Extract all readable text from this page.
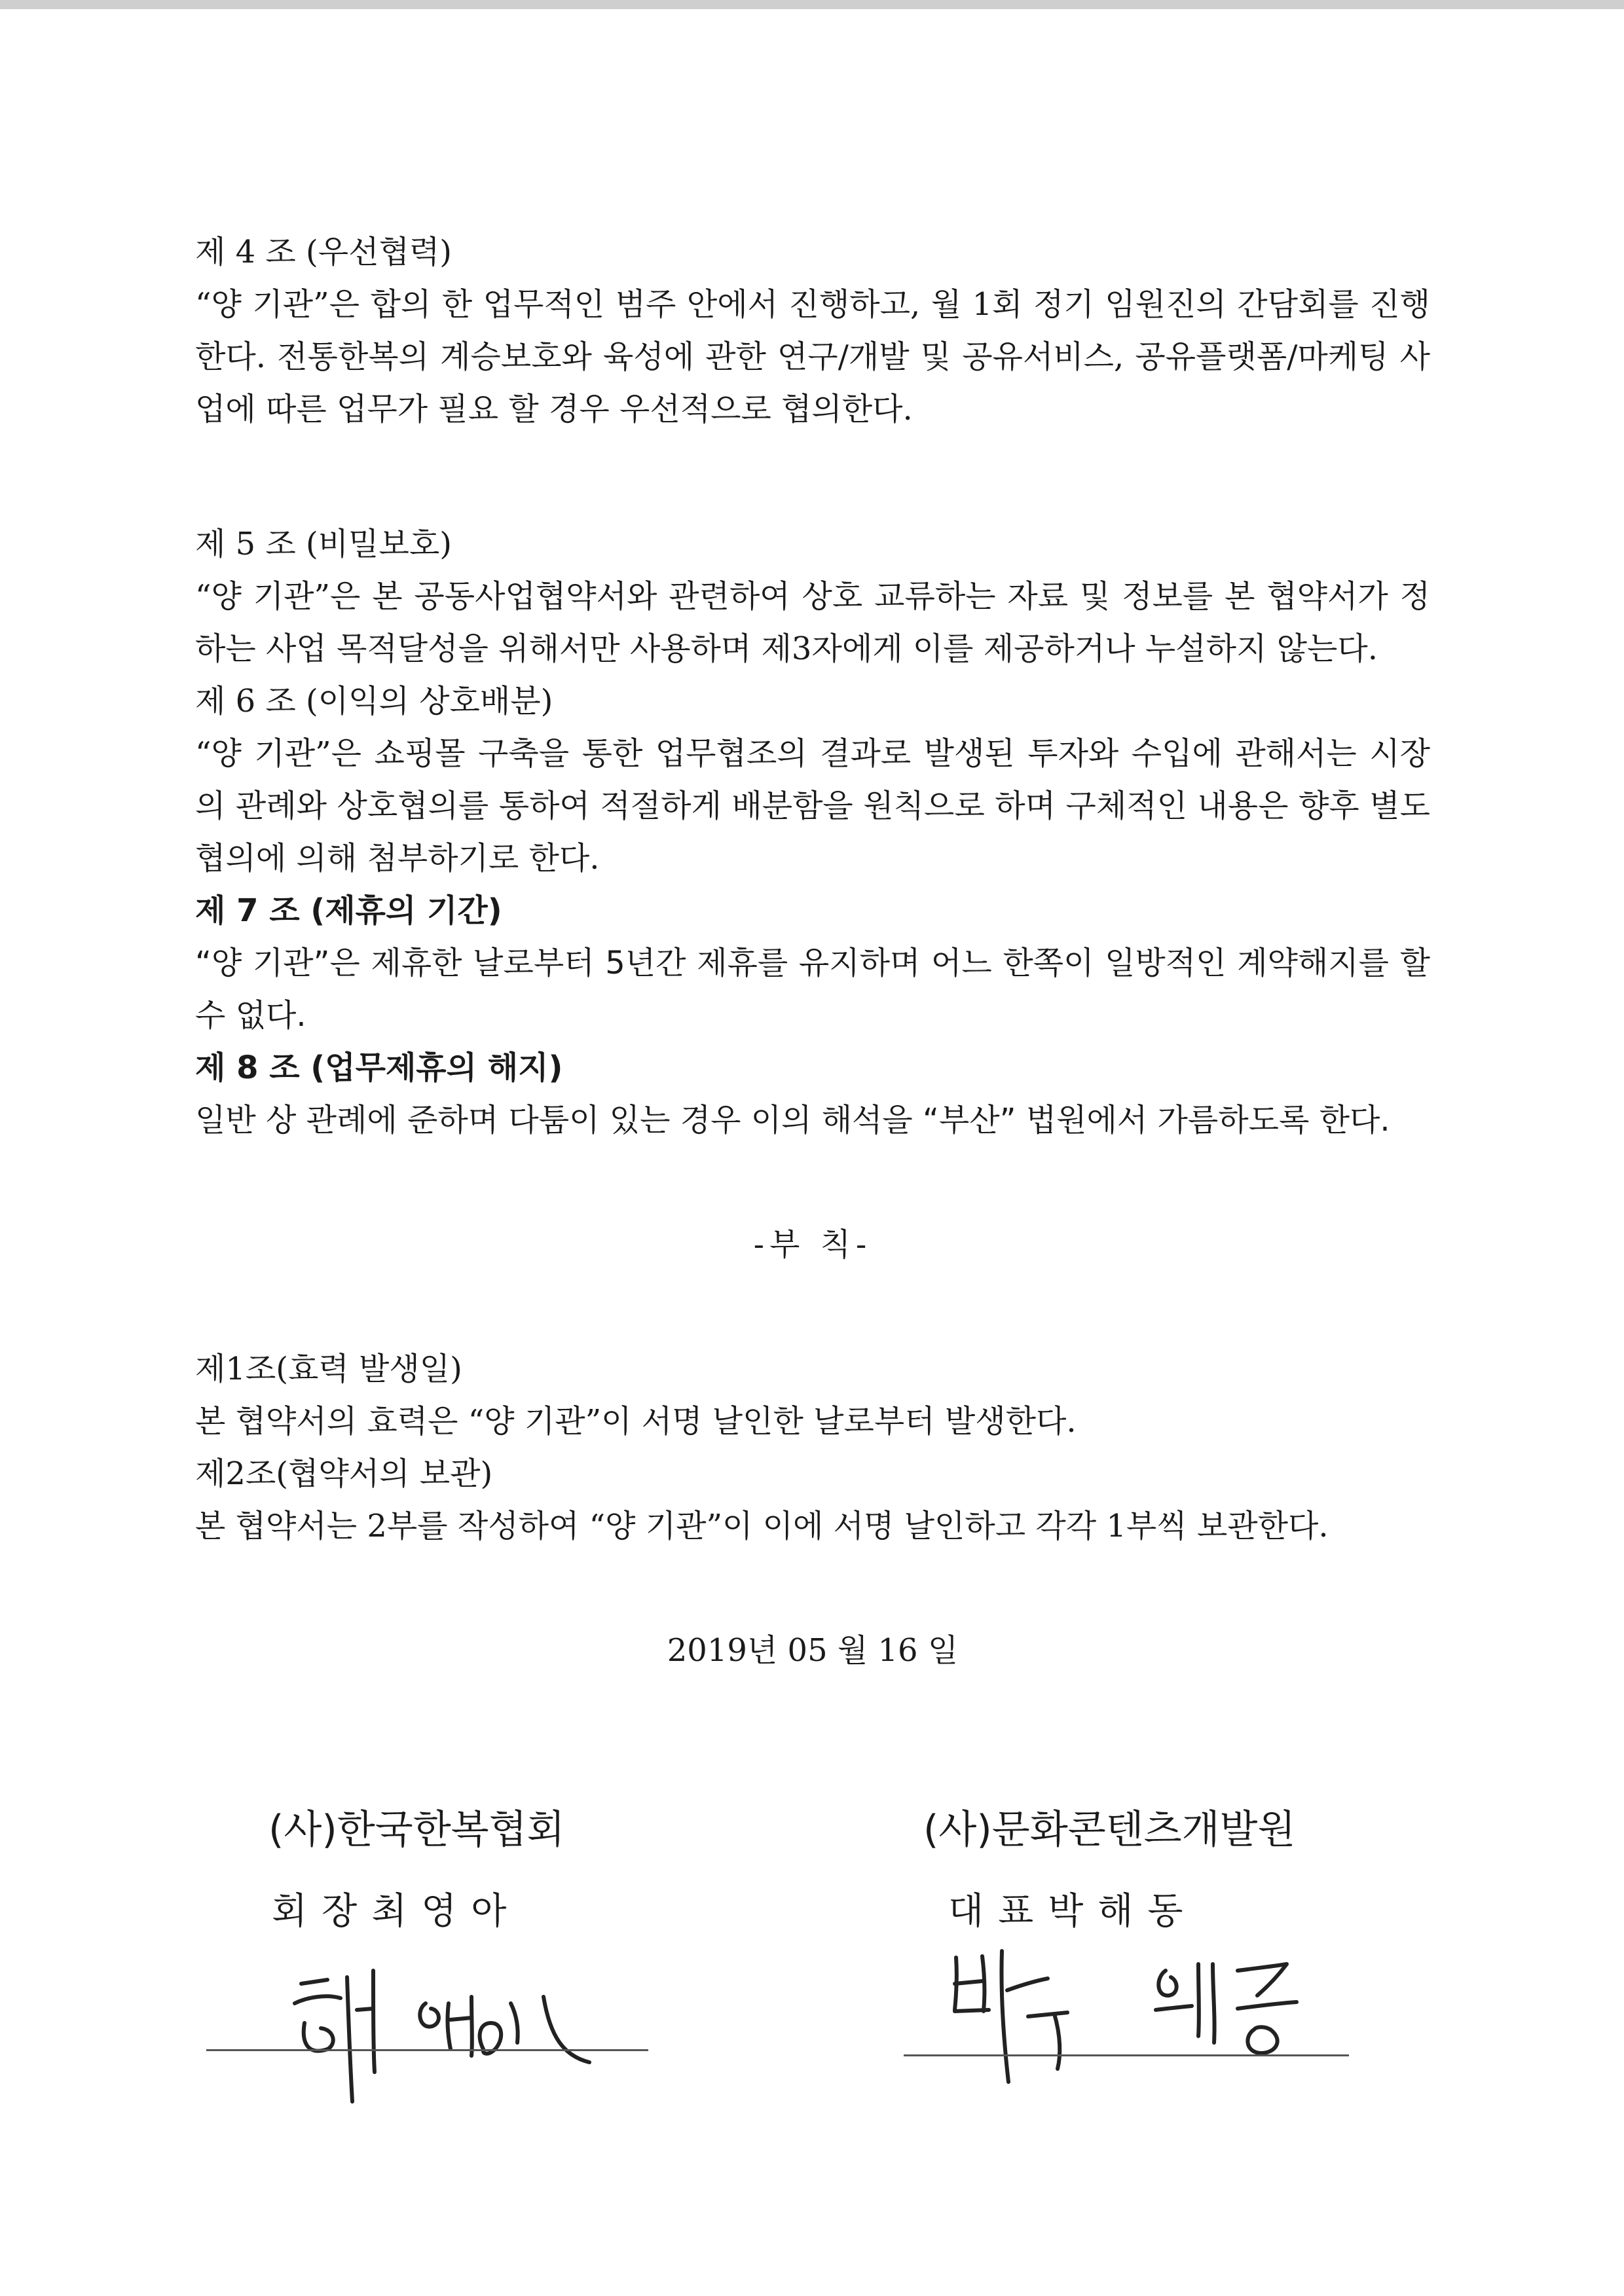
제 4 조 (우선협력)

“양 기관”은 합의 한 업무적인 범주 안에서 진행하고, 월 1회 정기 임원진의 간담회를 진행한다. 전통한복의 계승보호와 육성에 관한 연구/개발 및 공유서비스, 공유플랫폼/마케팅 사업에 따른 업무가 필요 할 경우 우선적으로 협의한다.

제 5 조 (비밀보호)

“양 기관”은 본 공동사업협약서와 관련하여 상호 교류하는 자료 및 정보를 본 협약서가 정하는 사업 목적달성을 위해서만 사용하며 제3자에게 이를 제공하거나 누설하지 않는다.

제 6 조 (이익의 상호배분)

“양 기관”은 쇼핑몰 구축을 통한 업무협조의 결과로 발생된 투자와 수입에 관해서는 시장의 관례와 상호협의를 통하여 적절하게 배분함을 원칙으로 하며 구체적인 내용은 향후 별도협의에 의해 첨부하기로 한다.

제 7 조 (제휴의 기간)

“양 기관”은 제휴한 날로부터 5년간 제휴를 유지하며 어느 한쪽이 일방적인 계약해지를 할 수 없다.

제 8 조 (업무제휴의 해지)

일반 상 관례에 준하며 다툼이 있는 경우 이의 해석을 “부산” 법원에서 가름하도록 한다.

-부 칙-

제1조(효력 발생일)

본 협약서의 효력은 “양 기관”이 서명 날인한 날로부터 발생한다.

제2조(협약서의 보관)

본 협약서는 2부를 작성하여 “양 기관”이 이에 서명 날인하고 각각 1부씩 보관한다.

2019년 05 월 16 일

(사)한국한복협회
회장최영아
(사)문화콘텐츠개발원
대표박해동
